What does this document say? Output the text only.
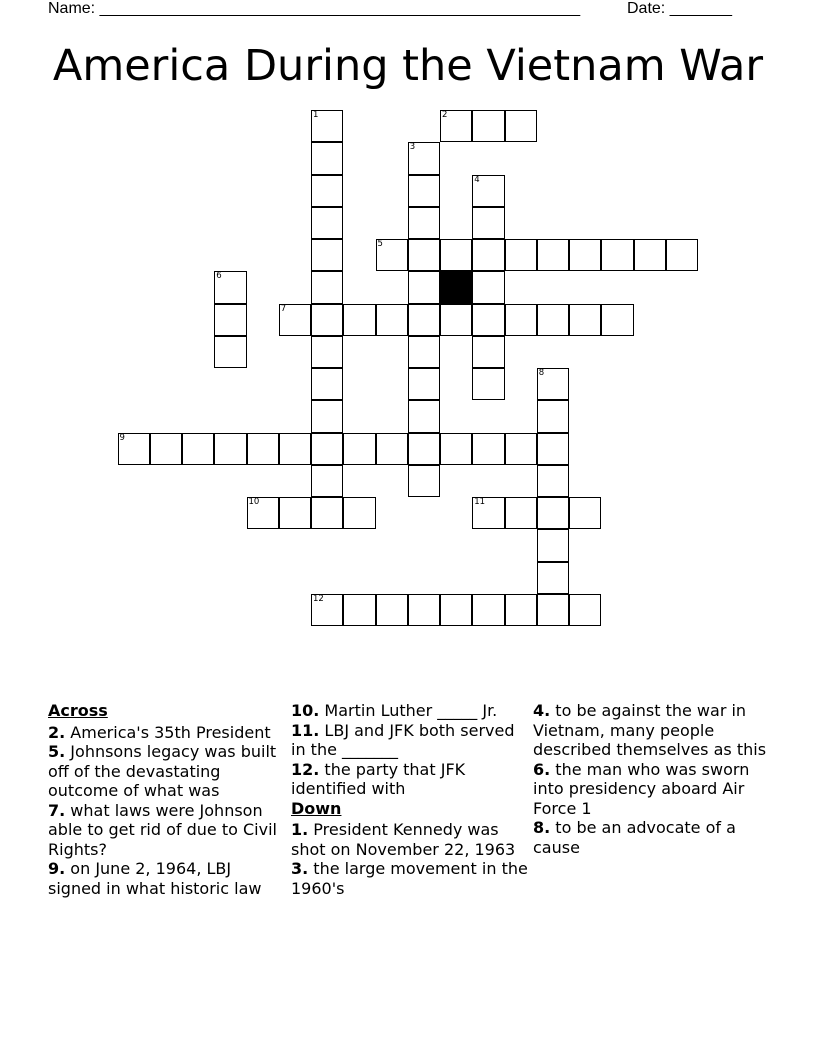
Name: ______________________________________________________	Date: _______
America During the Vietnam War
1	2
3
4
5
6
7
8
9
10	11
12
Across
2. America's 35th President
5. Johnsons legacy was built off of the devastating outcome of what was
7. what laws were Johnson able to get rid of due to Civil Rights?
9. on June 2, 1964, LBJ signed in what historic law
10. Martin Luther _____ Jr.
11. LBJ and JFK both served in the _______
12. the party that JFK identified with
Down
1. President Kennedy was shot on November 22, 1963
3. the large movement in the 1960's
4. to be against the war in Vietnam, many people described themselves as this
6. the man who was sworn into presidency aboard Air Force 1
8. to be an advocate of a cause
